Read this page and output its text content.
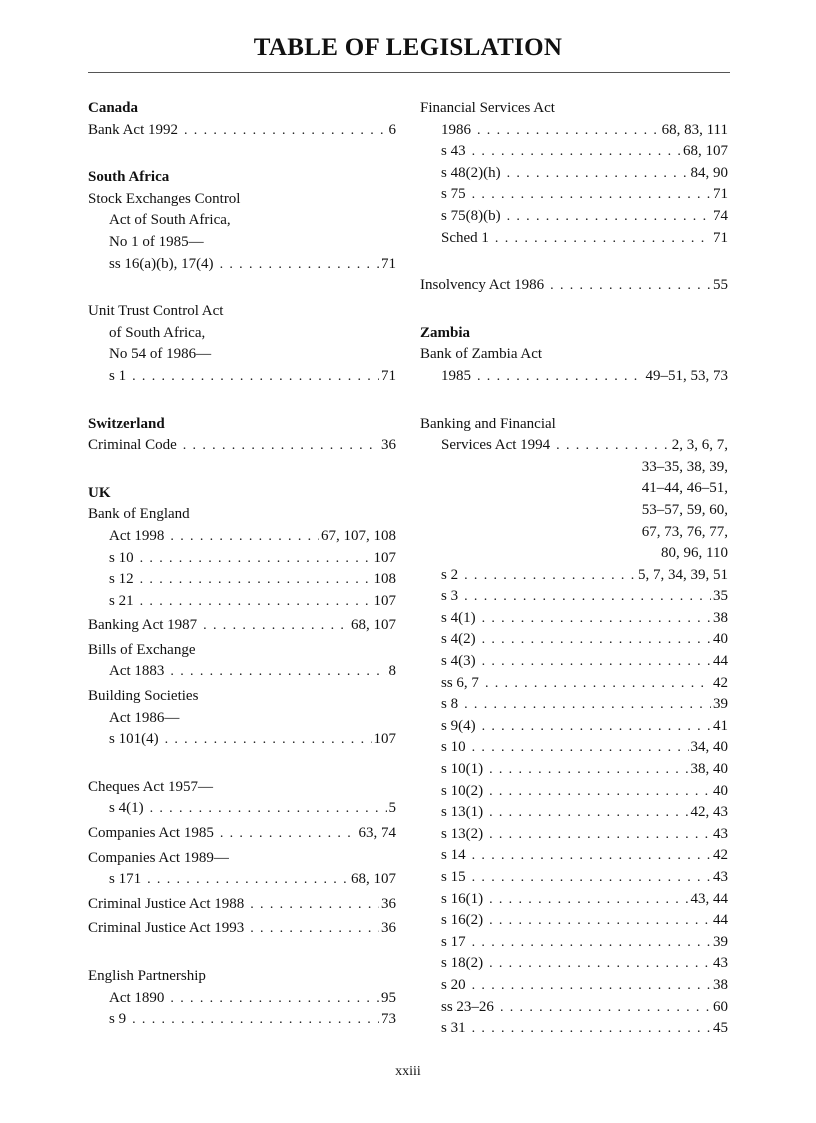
TABLE OF LEGISLATION
Canada
Bank Act 1992 . . .	6
South Africa
Stock Exchanges Control
Act of South Africa,
No 1 of 1985—
ss 16(a)(b), 17(4) . . .	71
Unit Trust Control Act
of South Africa,
No 54 of 1986—
s 1 . . .	71
Switzerland
Criminal Code . . .	36
UK
Bank of England
Act 1998 . . .	67, 107, 108
s 10 . . .	107
s 12 . . .	108
s 21 . . .	107
Banking Act 1987 . . .	68, 107
Bills of Exchange
Act 1883 . . .	8
Building Societies
Act 1986—
s 101(4) . . .	107
Cheques Act 1957—
s 4(1) . . .	5
Companies Act 1985 . . .	63, 74
Companies Act 1989—
s 171 . . .	68, 107
Criminal Justice Act 1988 . . .	36
Criminal Justice Act 1993 . . .	36
English Partnership
Act 1890 . . .	95
s 9 . . .	73
Financial Services Act
1986 . . .	68, 83, 111
s 43 . . .	68, 107
s 48(2)(h) . . .	84, 90
s 75 . . .	71
s 75(8)(b) . . .	74
Sched 1 . . .	71
Insolvency Act 1986 . . .	55
Zambia
Bank of Zambia Act
1985 . . .	49–51, 53, 73
Banking and Financial
Services Act 1994 . . .	2, 3, 6, 7,
33–35, 38, 39,
41–44, 46–51,
53–57, 59, 60,
67, 73, 76, 77,
80, 96, 110
s 2 . . .	5, 7, 34, 39, 51
s 3 . . .	35
s 4(1) . . .	38
s 4(2) . . .	40
s 4(3) . . .	44
ss 6, 7 . . .	42
s 8 . . .	39
s 9(4) . . .	41
s 10 . . .	34, 40
s 10(1) . . .	38, 40
s 10(2) . . .	40
s 13(1) . . .	42, 43
s 13(2) . . .	43
s 14 . . .	42
s 15 . . .	43
s 16(1) . . .	43, 44
s 16(2) . . .	44
s 17 . . .	39
s 18(2) . . .	43
s 20 . . .	38
ss 23–26 . . .	60
s 31 . . .	45
xxiii
